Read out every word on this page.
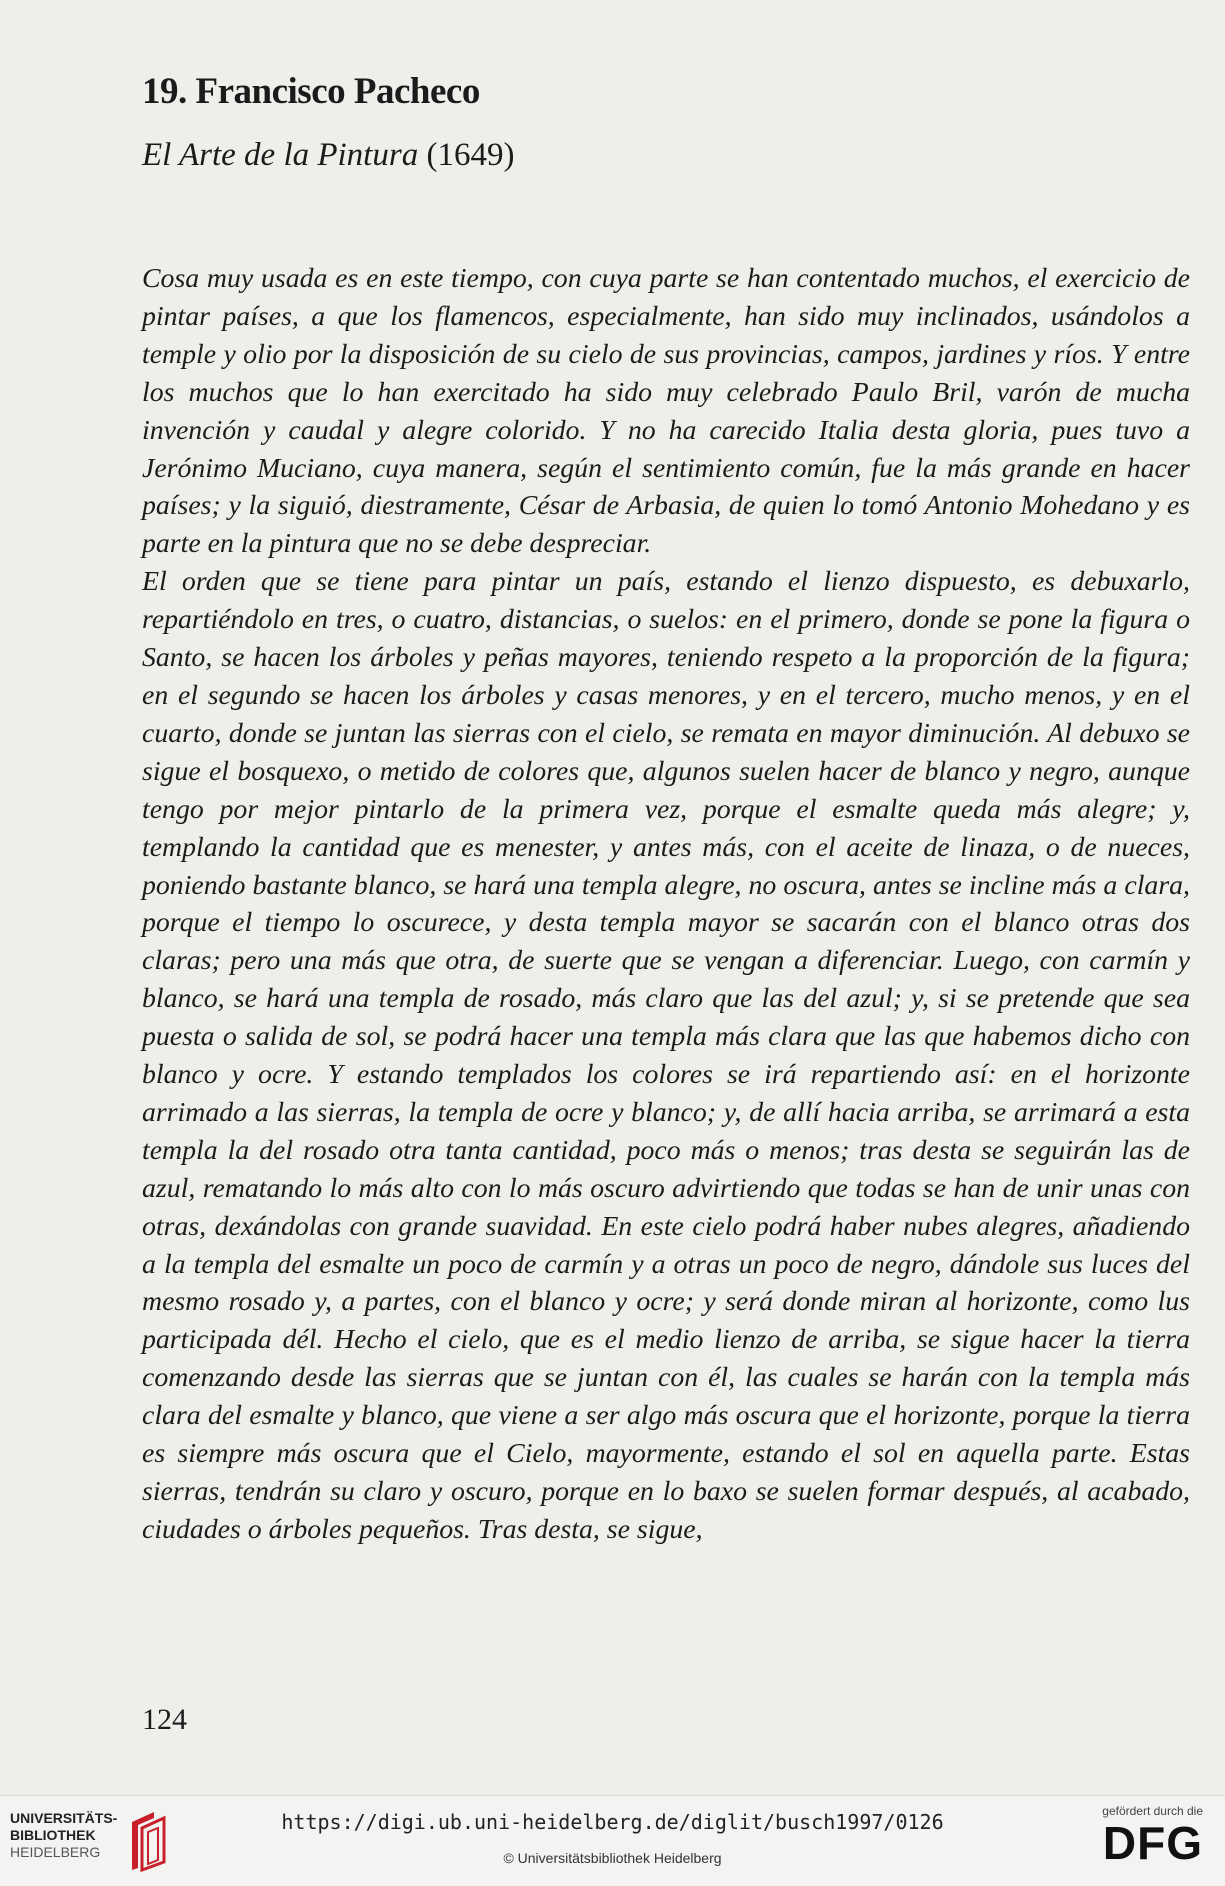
19. Francisco Pacheco
El Arte de la Pintura (1649)

Cosa muy usada es en este tiempo, con cuya parte se han contentado muchos, el exercicio de pintar países, a que los flamencos, especialmente, han sido muy inclinados, usándolos a temple y olio por la disposición de su cielo de sus provincias, campos, jardines y ríos. Y entre los muchos que lo han exercitado ha sido muy celebrado Paulo Bril, varón de mucha invención y caudal y alegre colorido. Y no ha carecido Italia desta gloria, pues tuvo a Jerónimo Muciano, cuya manera, según el sentimiento común, fue la más grande en hacer países; y la siguió, diestramente, César de Arbasia, de quien lo tomó Antonio Mohedano y es parte en la pintura que no se debe despreciar.

El orden que se tiene para pintar un país, estando el lienzo dispuesto, es debuxarlo, repartiéndolo en tres, o cuatro, distancias, o suelos: en el primero, donde se pone la figura o Santo, se hacen los árboles y peñas mayores, teniendo respeto a la proporción de la figura; en el segundo se hacen los árboles y casas menores, y en el tercero, mucho menos, y en el cuarto, donde se juntan las sierras con el cielo, se remata en mayor diminución. Al debuxo se sigue el bosquexo, o metido de colores que, algunos suelen hacer de blanco y negro, aunque tengo por mejor pintarlo de la primera vez, porque el esmalte queda más alegre; y, templando la cantidad que es menester, y antes más, con el aceite de linaza, o de nueces, poniendo bastante blanco, se hará una templa alegre, no oscura, antes se incline más a clara, porque el tiempo lo oscurece, y desta templa mayor se sacarán con el blanco otras dos claras; pero una más que otra, de suerte que se vengan a diferenciar. Luego, con carmín y blanco, se hará una templa de rosado, más claro que las del azul; y, si se pretende que sea puesta o salida de sol, se podrá hacer una templa más clara que las que habemos dicho con blanco y ocre. Y estando templados los colores se irá repartiendo así: en el horizonte arrimado a las sierras, la templa de ocre y blanco; y, de allí hacia arriba, se arrimará a esta templa la del rosado otra tanta cantidad, poco más o menos; tras desta se seguirán las de azul, rematando lo más alto con lo más oscuro advirtiendo que todas se han de unir unas con otras, dexándolas con grande suavidad. En este cielo podrá haber nubes alegres, añadiendo a la templa del esmalte un poco de carmín y a otras un poco de negro, dándole sus luces del mesmo rosado y, a partes, con el blanco y ocre; y será donde miran al horizonte, como lus participada dél. Hecho el cielo, que es el medio lienzo de arriba, se sigue hacer la tierra comenzando desde las sierras que se juntan con él, las cuales se harán con la templa más clara del esmalte y blanco, que viene a ser algo más oscura que el horizonte, porque la tierra es siempre más oscura que el Cielo, mayormente, estando el sol en aquella parte. Estas sierras, tendrán su claro y oscuro, porque en lo baxo se suelen formar después, al acabado, ciudades o árboles pequeños. Tras desta, se sigue,

124
UNIVERSITÄTS-
BIBLIOTHEK
HEIDELBERG
https://digi.ub.uni-heidelberg.de/diglit/busch1997/0126
© Universitätsbibliothek Heidelberg
gefördert durch die
DFG
